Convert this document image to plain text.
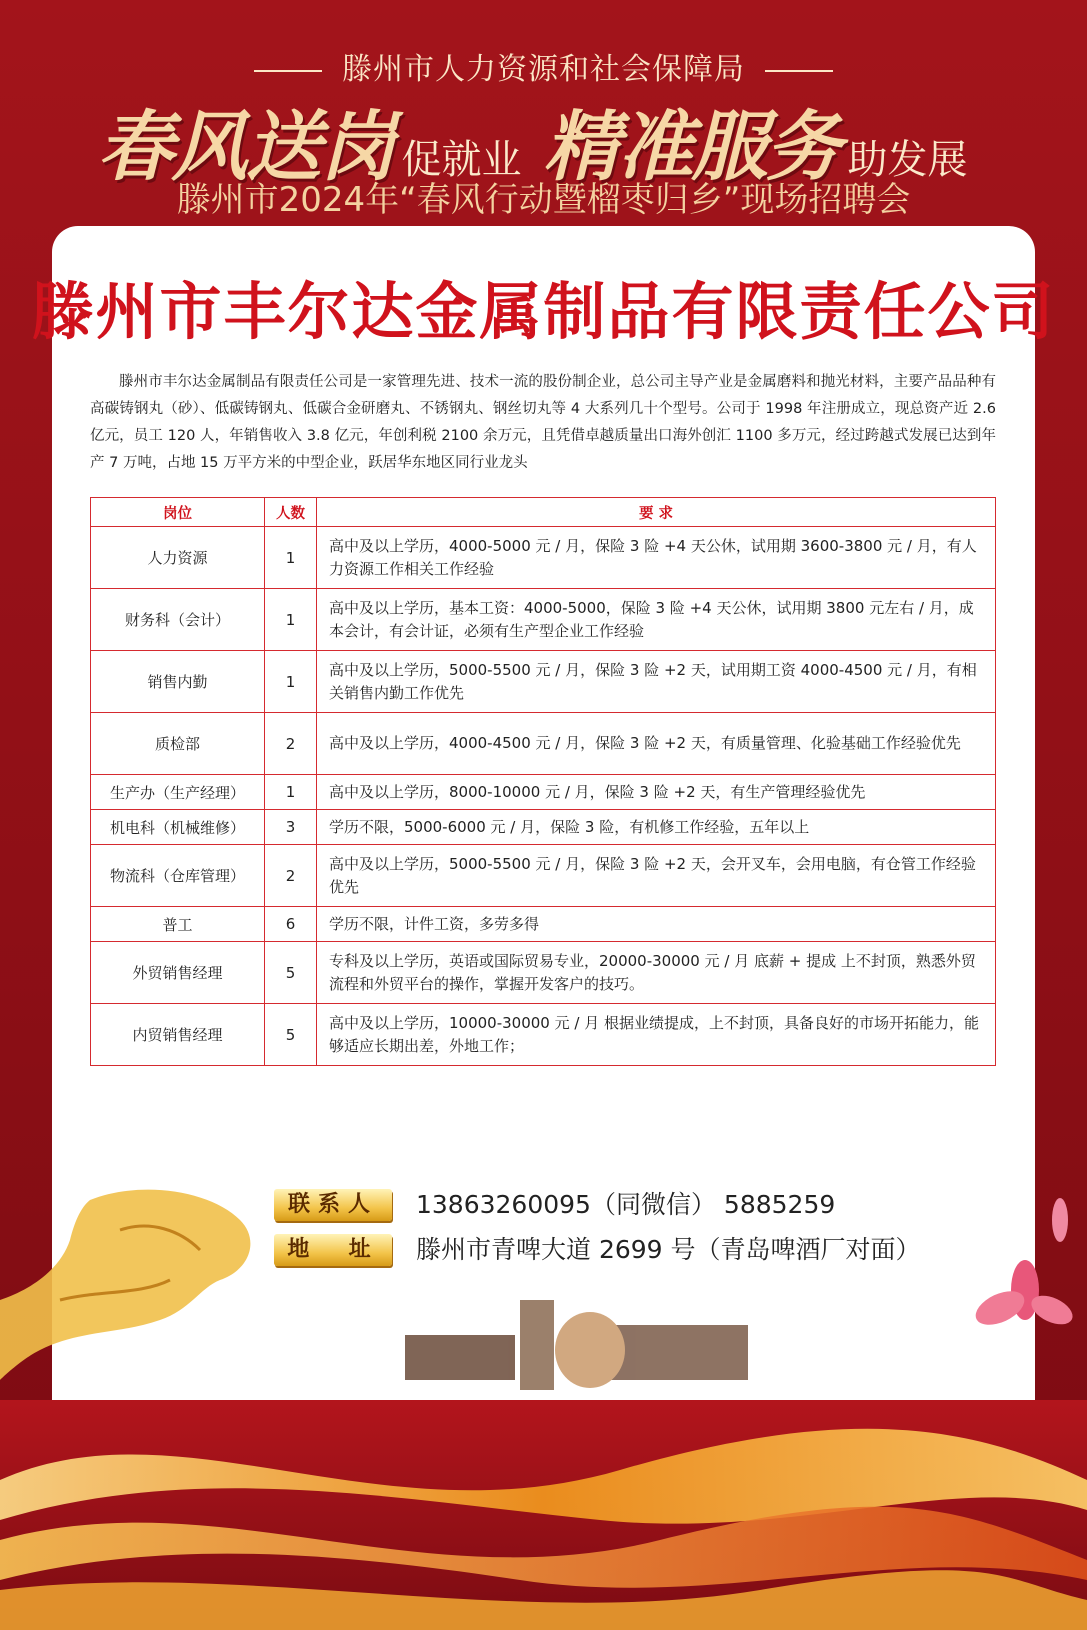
滕州市人力资源和社会保障局
春风送岗 促就业 精准服务 助发展
滕州市2024年“春风行动暨榴枣归乡”现场招聘会
滕州市丰尔达金属制品有限责任公司
滕州市丰尔达金属制品有限责任公司是一家管理先进、技术一流的股份制企业，总公司主导产业是金属磨料和抛光材料，主要产品品种有高碳铸钢丸（砂）、低碳铸钢丸、低碳合金研磨丸、不锈钢丸、钢丝切丸等 4 大系列几十个型号。公司于 1998 年注册成立，现总资产近 2.6 亿元，员工 120 人，年销售收入 3.8 亿元，年创利税 2100 余万元，且凭借卓越质量出口海外创汇 1100 多万元，经过跨越式发展已达到年产 7 万吨，占地 15 万平方米的中型企业，跃居华东地区同行业龙头
岗位	人数	要 求
人力资源	1	高中及以上学历，4000-5000 元 / 月，保险 3 险 +4 天公休，试用期 3600-3800 元 / 月，有人力资源工作相关工作经验
财务科（会计）	1	高中及以上学历，基本工资：4000-5000，保险 3 险 +4 天公休，试用期 3800 元左右 / 月，成本会计，有会计证，必须有生产型企业工作经验
销售内勤	1	高中及以上学历，5000-5500 元 / 月，保险 3 险 +2 天，试用期工资 4000-4500 元 / 月，有相关销售内勤工作优先
质检部	2	高中及以上学历，4000-4500 元 / 月，保险 3 险 +2 天，有质量管理、化验基础工作经验优先
生产办（生产经理）	1	高中及以上学历，8000-10000 元 / 月，保险 3 险 +2 天，有生产管理经验优先
机电科（机械维修）	3	学历不限，5000-6000 元 / 月，保险 3 险，有机修工作经验，五年以上
物流科（仓库管理）	2	高中及以上学历，5000-5500 元 / 月，保险 3 险 +2 天，会开叉车，会用电脑，有仓管工作经验优先
普工	6	学历不限，计件工资，多劳多得
外贸销售经理	5	专科及以上学历，英语或国际贸易专业，20000-30000 元 / 月 底薪 + 提成 上不封顶，熟悉外贸流程和外贸平台的操作，掌握开发客户的技巧。
内贸销售经理	5	高中及以上学历，10000-30000 元 / 月 根据业绩提成，上不封顶，具备良好的市场开拓能力，能够适应长期出差，外地工作；
联系人	13863260095（同微信） 5885259
地  址	滕州市青啤大道 2699 号（青岛啤酒厂对面）
